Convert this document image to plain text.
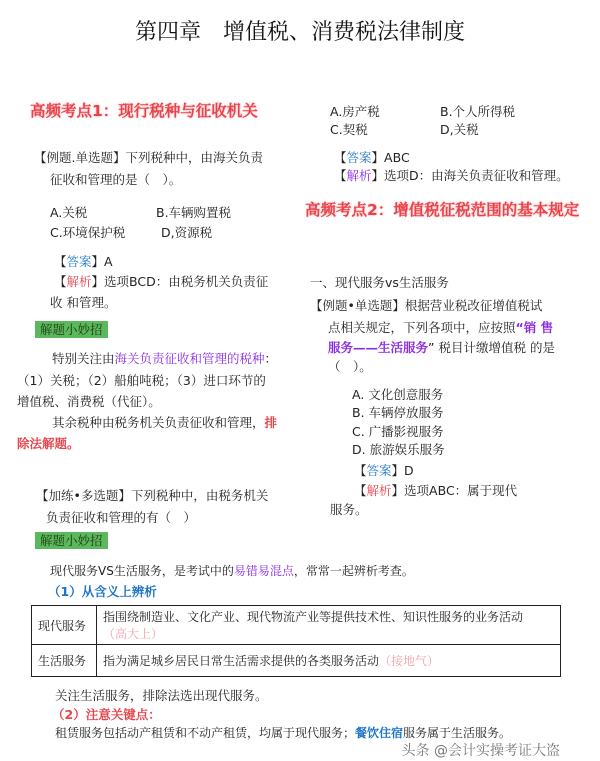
第四章　增值税、消费税法律制度
高频考点1：现行税种与征收机关
【例题.单选题】下列税种中，由海关负责
征收和管理的是（　）。
A.关税	B.车辆购置税
C.环境保护税	D,资源税
【答案】A
【解析】选项BCD：由税务机关负责征
收 和管理。
解题小妙招
特别关注由海关负责征收和管理的税种：
（1）关税；（2）船舶吨税；（3）进口环节的
增值税、消费税（代征）。
其余税种由税务机关负责征收和管理，排
除法解题。
【加练•多选题】下列税种中，由税务机关
负责征收和管理的有（　）
解题小妙招
现代服务VS生活服务，是考试中的易错易混点，常常一起辨析考查。
（1）从含义上辨析
现代服务	指围绕制造业、文化产业、现代物流产业等提供技术性、知识性服务的业务活动
（高大上）
生活服务	指为满足城乡居民日常生活需求提供的各类服务活动（接地气）
关注生活服务，排除法选出现代服务。
（2）注意关键点：
租赁服务包括动产租赁和不动产租赁，均属于现代服务；餐饮住宿服务属于生活服务。
头条 @会计实操考证大盗
A.房产税	B.个人所得税
C.契税	D,关税
【答案】ABC
【解析】选项D：由海关负责征收和管理。
高频考点2：增值税征税范围的基本规定
一、现代服务vs生活服务
【例题•单选题】根据营业税改征增值税试
点相关规定，下列各项中，应按照“销 售
服务——生活服务” 税目计缴增值税 的是
（　）。
A. 文化创意服务
B. 车辆停放服务
C. 广播影视服务
D. 旅游娱乐服务
【答案】D
【解析】选项ABC：属于现代
服务。
